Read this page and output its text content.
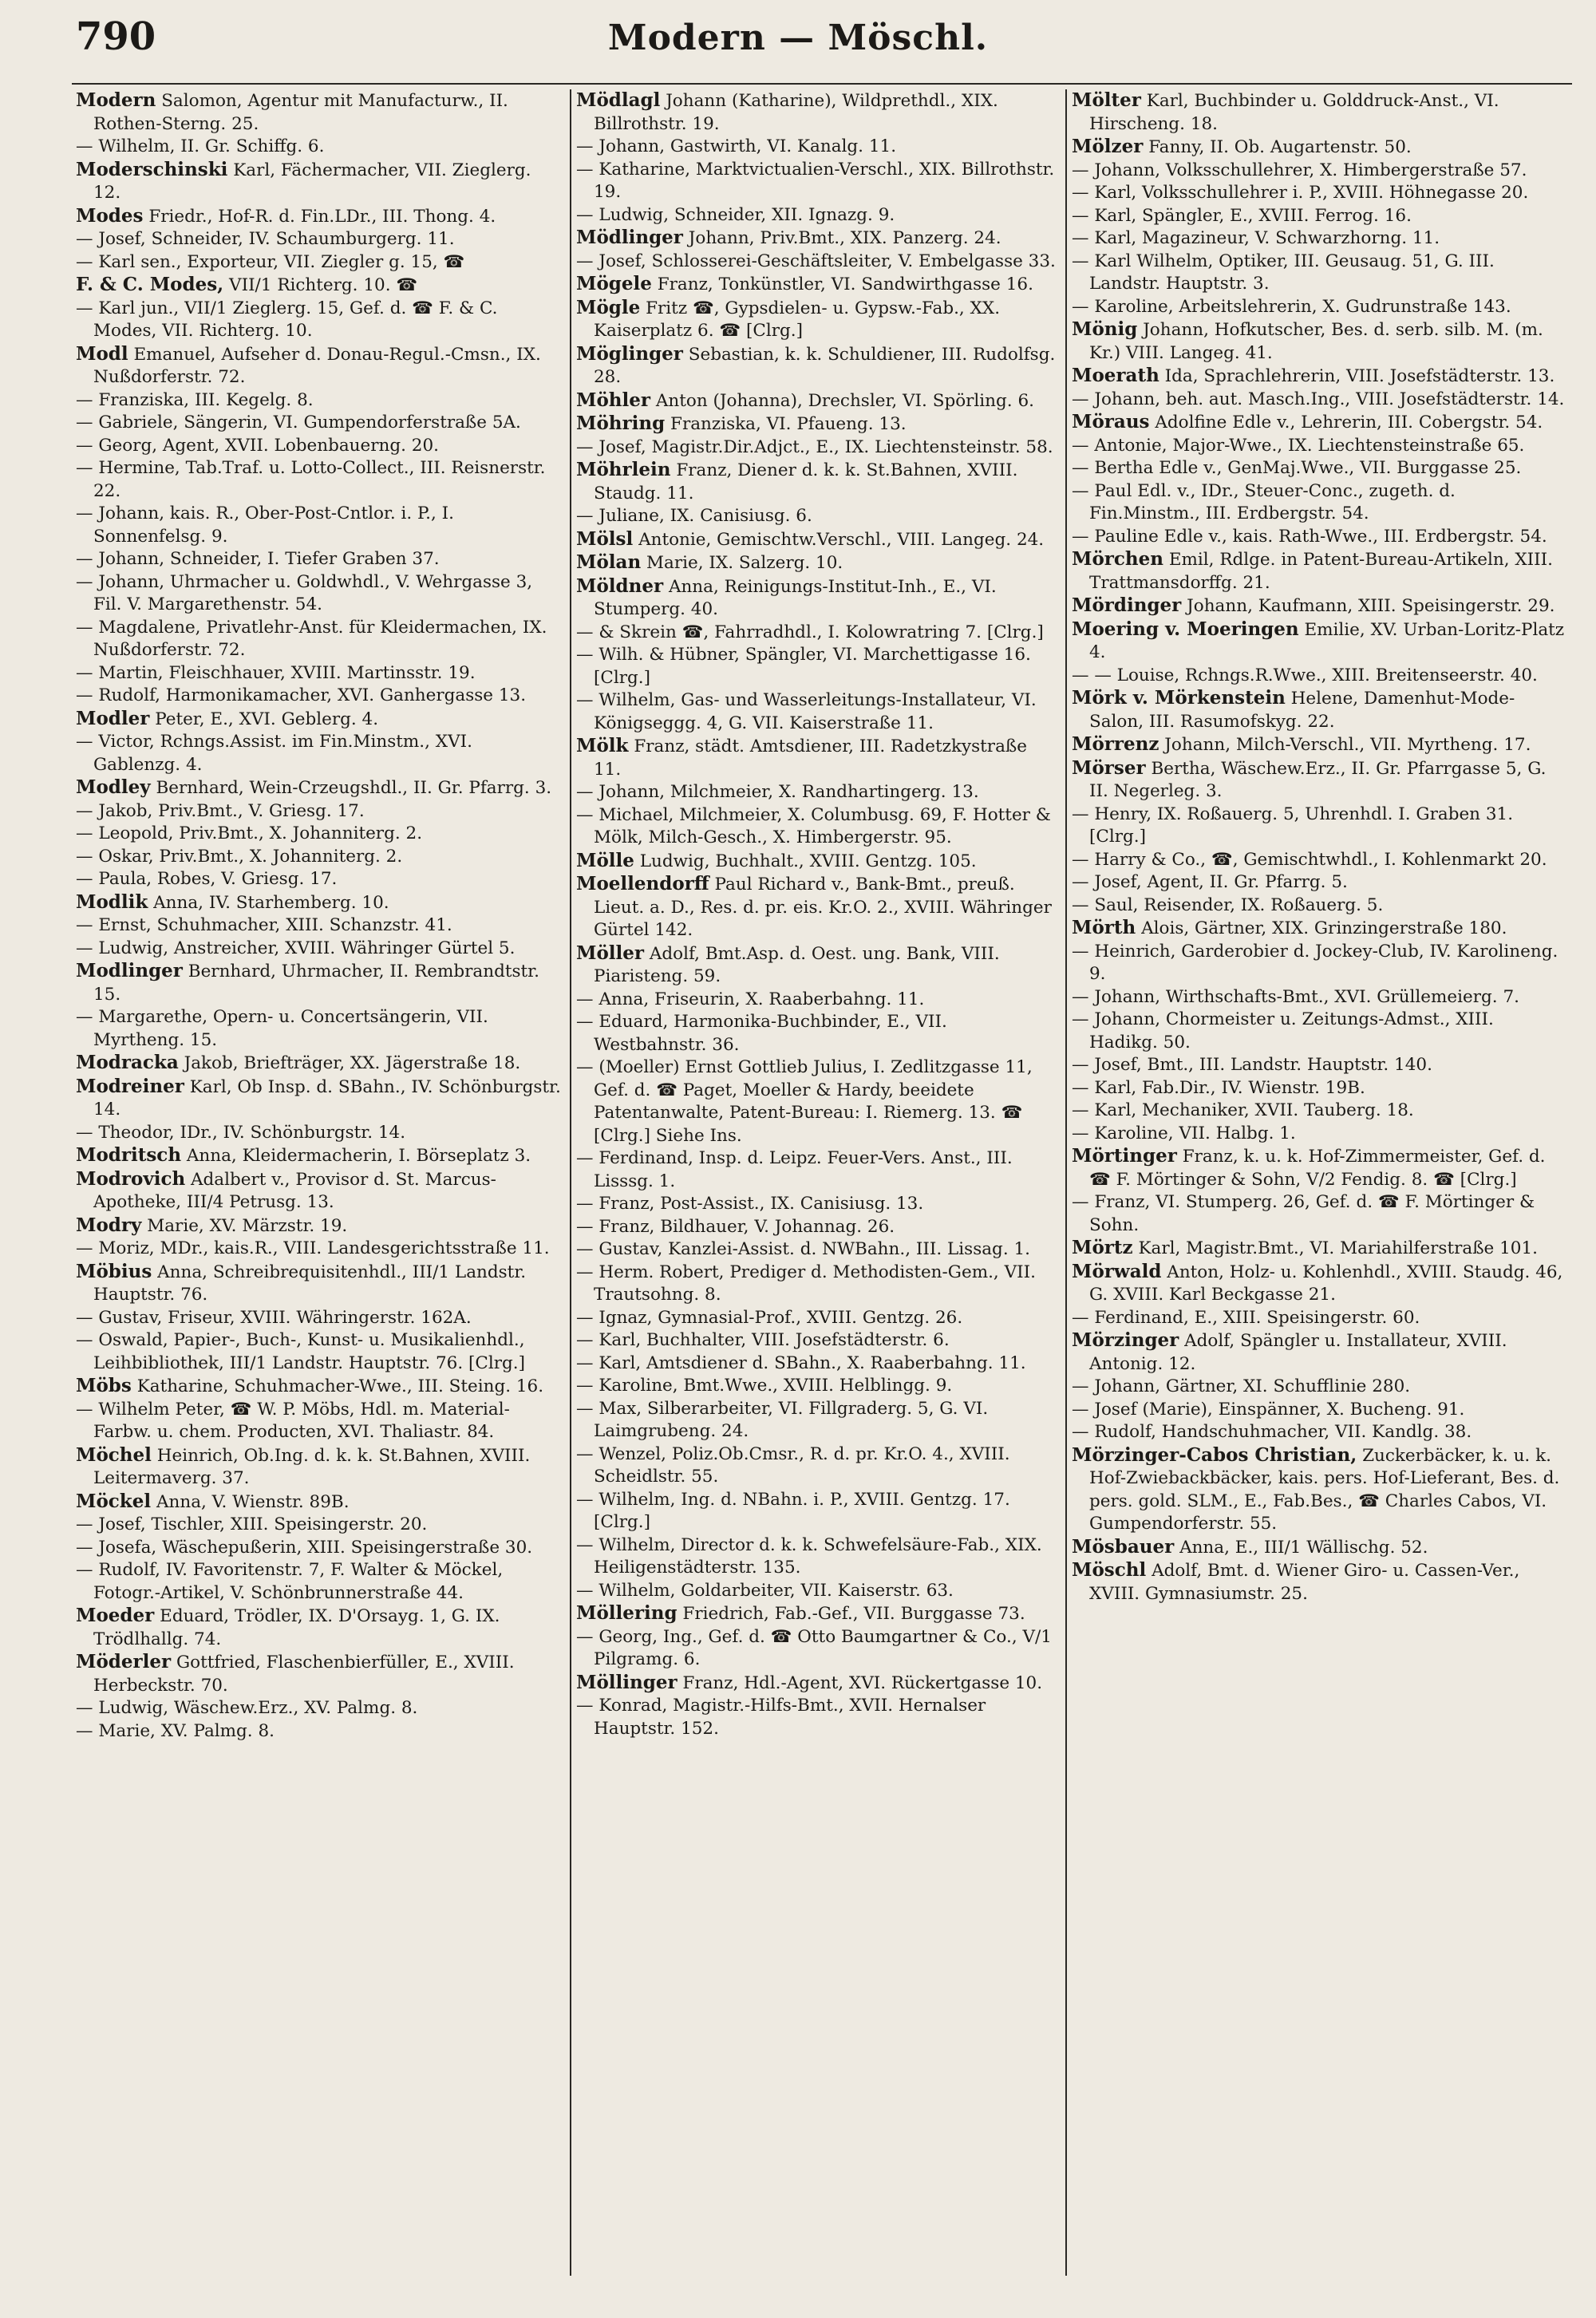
790	Modern — Möschl.
Modern Salomon, Agentur mit Manufacturw., II. Rothen-Sterng. 25.
— Wilhelm, II. Gr. Schiffg. 6.
Moderschinski Karl, Fächermacher, VII. Zieglerg. 12.
Modes Friedr., Hof-R. d. Fin.LDr., III. Thong. 4.
— Josef, Schneider, IV. Schaumburgerg. 11.
— Karl sen., Exporteur, VII. Ziegler g. 15, ☎
F. & C. Modes, VII/1 Richterg. 10. ☎
— Karl jun., VII/1 Zieglerg. 15, Gef. d. ☎ F. & C. Modes, VII. Richterg. 10.
Modl Emanuel, Aufseher d. Donau-Regul.-Cmsn., IX. Nußdorferstr. 72.
— Franziska, III. Kegelg. 8.
— Gabriele, Sängerin, VI. Gumpendorferstraße 5A.
— Georg, Agent, XVII. Lobenbauerng. 20.
— Hermine, Tab.Traf. u. Lotto-Collect., III. Reisnerstr. 22.
— Johann, kais. R., Ober-Post-Cntlor. i. P., I. Sonnenfelsg. 9.
— Johann, Schneider, I. Tiefer Graben 37.
— Johann, Uhrmacher u. Goldwhdl., V. Wehrgasse 3, Fil. V. Margarethenstr. 54.
— Magdalene, Privatlehr-Anst. für Kleidermachen, IX. Nußdorferstr. 72.
— Martin, Fleischhauer, XVIII. Martinsstr. 19.
— Rudolf, Harmonikamacher, XVI. Ganhergasse 13.
Modler Peter, E., XVI. Geblerg. 4.
— Victor, Rchngs.Assist. im Fin.Minstm., XVI. Gablenzg. 4.
Modley Bernhard, Wein-Crzeugshdl., II. Gr. Pfarrg. 3.
— Jakob, Priv.Bmt., V. Griesg. 17.
— Leopold, Priv.Bmt., X. Johanniterg. 2.
— Oskar, Priv.Bmt., X. Johanniterg. 2.
— Paula, Robes, V. Griesg. 17.
Modlik Anna, IV. Starhemberg. 10.
— Ernst, Schuhmacher, XIII. Schanzstr. 41.
— Ludwig, Anstreicher, XVIII. Währinger Gürtel 5.
Modlinger Bernhard, Uhrmacher, II. Rembrandtstr. 15.
— Margarethe, Opern- u. Concertsängerin, VII. Myrtheng. 15.
Modracka Jakob, Briefträger, XX. Jägerstraße 18.
Modreiner Karl, Ob Insp. d. SBahn., IV. Schönburgstr. 14.
— Theodor, IDr., IV. Schönburgstr. 14.
Modritsch Anna, Kleidermacherin, I. Börseplatz 3.
Modrovich Adalbert v., Provisor d. St. Marcus-Apotheke, III/4 Petrusg. 13.
Modry Marie, XV. Märzstr. 19.
— Moriz, MDr., kais.R., VIII. Landesgerichtsstraße 11.
Möbius Anna, Schreibrequisitenhdl., III/1 Landstr. Hauptstr. 76.
— Gustav, Friseur, XVIII. Währingerstr. 162A.
— Oswald, Papier-, Buch-, Kunst- u. Musikalienhdl., Leihbibliothek, III/1 Landstr. Hauptstr. 76. [Clrg.]
Möbs Katharine, Schuhmacher-Wwe., III. Steing. 16.
— Wilhelm Peter, ☎ W. P. Möbs, Hdl. m. Material-Farbw. u. chem. Producten, XVI. Thaliastr. 84.
Möchel Heinrich, Ob.Ing. d. k. k. St.Bahnen, XVIII. Leitermaverg. 37.
Möckel Anna, V. Wienstr. 89B.
— Josef, Tischler, XIII. Speisingerstr. 20.
— Josefa, Wäschepußerin, XIII. Speisingerstraße 30.
— Rudolf, IV. Favoritenstr. 7, F. Walter & Möckel, Fotogr.-Artikel, V. Schönbrunnerstraße 44.
Moeder Eduard, Trödler, IX. D'Orsayg. 1, G. IX. Trödlhallg. 74.
Möderler Gottfried, Flaschenbierfüller, E., XVIII. Herbeckstr. 70.
— Ludwig, Wäschew.Erz., XV. Palmg. 8.
— Marie, XV. Palmg. 8.
Mödlagl Johann (Katharine), Wildprethdl., XIX. Billrothstr. 19.
— Johann, Gastwirth, VI. Kanalg. 11.
— Katharine, Marktvictualien-Verschl., XIX. Billrothstr. 19.
— Ludwig, Schneider, XII. Ignazg. 9.
Mödlinger Johann, Priv.Bmt., XIX. Panzerg. 24.
— Josef, Schlosserei-Geschäftsleiter, V. Embelgasse 33.
Mögele Franz, Tonkünstler, VI. Sandwirthgasse 16.
Mögle Fritz ☎, Gypsdielen- u. Gypsw.-Fab., XX. Kaiserplatz 6. ☎ [Clrg.]
Möglinger Sebastian, k. k. Schuldiener, III. Rudolfsg. 28.
Möhler Anton (Johanna), Drechsler, VI. Spörling. 6.
Möhring Franziska, VI. Pfaueng. 13.
— Josef, Magistr.Dir.Adjct., E., IX. Liechtensteinstr. 58.
Möhrlein Franz, Diener d. k. k. St.Bahnen, XVIII. Staudg. 11.
— Juliane, IX. Canisiusg. 6.
Mölsl Antonie, Gemischtw.Verschl., VIII. Langeg. 24.
Mölan Marie, IX. Salzerg. 10.
Möldner Anna, Reinigungs-Institut-Inh., E., VI. Stumperg. 40.
— & Skrein ☎, Fahrradhdl., I. Kolowratring 7. [Clrg.]
— Wilh. & Hübner, Spängler, VI. Marchettigasse 16. [Clrg.]
— Wilhelm, Gas- und Wasserleitungs-Installateur, VI. Königseggg. 4, G. VII. Kaiserstraße 11.
Mölk Franz, städt. Amtsdiener, III. Radetzkystraße 11.
— Johann, Milchmeier, X. Randhartingerg. 13.
— Michael, Milchmeier, X. Columbusg. 69, F. Hotter & Mölk, Milch-Gesch., X. Himbergerstr. 95.
Mölle Ludwig, Buchhalt., XVIII. Gentzg. 105.
Moellendorff Paul Richard v., Bank-Bmt., preuß. Lieut. a. D., Res. d. pr. eis. Kr.O. 2., XVIII. Währinger Gürtel 142.
Möller Adolf, Bmt.Asp. d. Oest. ung. Bank, VIII. Piaristeng. 59.
— Anna, Friseurin, X. Raaberbahng. 11.
— Eduard, Harmonika-Buchbinder, E., VII. Westbahnstr. 36.
— (Moeller) Ernst Gottlieb Julius, I. Zedlitzgasse 11, Gef. d. ☎ Paget, Moeller & Hardy, beeidete Patentanwalte, Patent-Bureau: I. Riemerg. 13. ☎ [Clrg.] Siehe Ins.
— Ferdinand, Insp. d. Leipz. Feuer-Vers. Anst., III. Lisssg. 1.
— Franz, Post-Assist., IX. Canisiusg. 13.
— Franz, Bildhauer, V. Johannag. 26.
— Gustav, Kanzlei-Assist. d. NWBahn., III. Lissag. 1.
— Herm. Robert, Prediger d. Methodisten-Gem., VII. Trautsohng. 8.
— Ignaz, Gymnasial-Prof., XVIII. Gentzg. 26.
— Karl, Buchhalter, VIII. Josefstädterstr. 6.
— Karl, Amtsdiener d. SBahn., X. Raaberbahng. 11.
— Karoline, Bmt.Wwe., XVIII. Helblingg. 9.
— Max, Silberarbeiter, VI. Fillgraderg. 5, G. VI. Laimgrubeng. 24.
— Wenzel, Poliz.Ob.Cmsr., R. d. pr. Kr.O. 4., XVIII. Scheidlstr. 55.
— Wilhelm, Ing. d. NBahn. i. P., XVIII. Gentzg. 17. [Clrg.]
— Wilhelm, Director d. k. k. Schwefelsäure-Fab., XIX. Heiligenstädterstr. 135.
— Wilhelm, Goldarbeiter, VII. Kaiserstr. 63.
Möllering Friedrich, Fab.-Gef., VII. Burggasse 73.
— Georg, Ing., Gef. d. ☎ Otto Baumgartner & Co., V/1 Pilgramg. 6.
Möllinger Franz, Hdl.-Agent, XVI. Rückertgasse 10.
— Konrad, Magistr.-Hilfs-Bmt., XVII. Hernalser Hauptstr. 152.
Mölter Karl, Buchbinder u. Golddruck-Anst., VI. Hirscheng. 18.
Mölzer Fanny, II. Ob. Augartenstr. 50.
— Johann, Volksschullehrer, X. Himbergerstraße 57.
— Karl, Volksschullehrer i. P., XVIII. Höhnegasse 20.
— Karl, Spängler, E., XVIII. Ferrog. 16.
— Karl, Magazineur, V. Schwarzhorng. 11.
— Karl Wilhelm, Optiker, III. Geusaug. 51, G. III. Landstr. Hauptstr. 3.
— Karoline, Arbeitslehrerin, X. Gudrunstraße 143.
Mönig Johann, Hofkutscher, Bes. d. serb. silb. M. (m. Kr.) VIII. Langeg. 41.
Moerath Ida, Sprachlehrerin, VIII. Josefstädterstr. 13.
— Johann, beh. aut. Masch.Ing., VIII. Josefstädterstr. 14.
Möraus Adolfine Edle v., Lehrerin, III. Cobergstr. 54.
— Antonie, Major-Wwe., IX. Liechtensteinstraße 65.
— Bertha Edle v., GenMaj.Wwe., VII. Burggasse 25.
— Paul Edl. v., IDr., Steuer-Conc., zugeth. d. Fin.Minstm., III. Erdbergstr. 54.
— Pauline Edle v., kais. Rath-Wwe., III. Erdbergstr. 54.
Mörchen Emil, Rdlge. in Patent-Bureau-Artikeln, XIII. Trattmansdorffg. 21.
Mördinger Johann, Kaufmann, XIII. Speisingerstr. 29.
Moering v. Moeringen Emilie, XV. Urban-Loritz-Platz 4.
— — Louise, Rchngs.R.Wwe., XIII. Breitenseerstr. 40.
Mörk v. Mörkenstein Helene, Damenhut-Mode-Salon, III. Rasumofskyg. 22.
Mörrenz Johann, Milch-Verschl., VII. Myrtheng. 17.
Mörser Bertha, Wäschew.Erz., II. Gr. Pfarrgasse 5, G. II. Negerleg. 3.
— Henry, IX. Roßauerg. 5, Uhrenhdl. I. Graben 31. [Clrg.]
— Harry & Co., ☎, Gemischtwhdl., I. Kohlenmarkt 20.
— Josef, Agent, II. Gr. Pfarrg. 5.
— Saul, Reisender, IX. Roßauerg. 5.
Mörth Alois, Gärtner, XIX. Grinzingerstraße 180.
— Heinrich, Garderobier d. Jockey-Club, IV. Karolineng. 9.
— Johann, Wirthschafts-Bmt., XVI. Grüllemeierg. 7.
— Johann, Chormeister u. Zeitungs-Admst., XIII. Hadikg. 50.
— Josef, Bmt., III. Landstr. Hauptstr. 140.
— Karl, Fab.Dir., IV. Wienstr. 19B.
— Karl, Mechaniker, XVII. Tauberg. 18.
— Karoline, VII. Halbg. 1.
Mörtinger Franz, k. u. k. Hof-Zimmermeister, Gef. d. ☎ F. Mörtinger & Sohn, V/2 Fendig. 8. ☎ [Clrg.]
— Franz, VI. Stumperg. 26, Gef. d. ☎ F. Mörtinger & Sohn.
Mörtz Karl, Magistr.Bmt., VI. Mariahilferstraße 101.
Mörwald Anton, Holz- u. Kohlenhdl., XVIII. Staudg. 46, G. XVIII. Karl Beckgasse 21.
— Ferdinand, E., XIII. Speisingerstr. 60.
Mörzinger Adolf, Spängler u. Installateur, XVIII. Antonig. 12.
— Johann, Gärtner, XI. Schufflinie 280.
— Josef (Marie), Einspänner, X. Bucheng. 91.
— Rudolf, Handschuhmacher, VII. Kandlg. 38.
Mörzinger-Cabos Christian, Zuckerbäcker, k. u. k. Hof-Zwiebackbäcker, kais. pers. Hof-Lieferant, Bes. d. pers. gold. SLM., E., Fab.Bes., ☎ Charles Cabos, VI. Gumpendorferstr. 55.
Mösbauer Anna, E., III/1 Wällischg. 52.
Möschl Adolf, Bmt. d. Wiener Giro- u. Cassen-Ver., XVIII. Gymnasiumstr. 25.
